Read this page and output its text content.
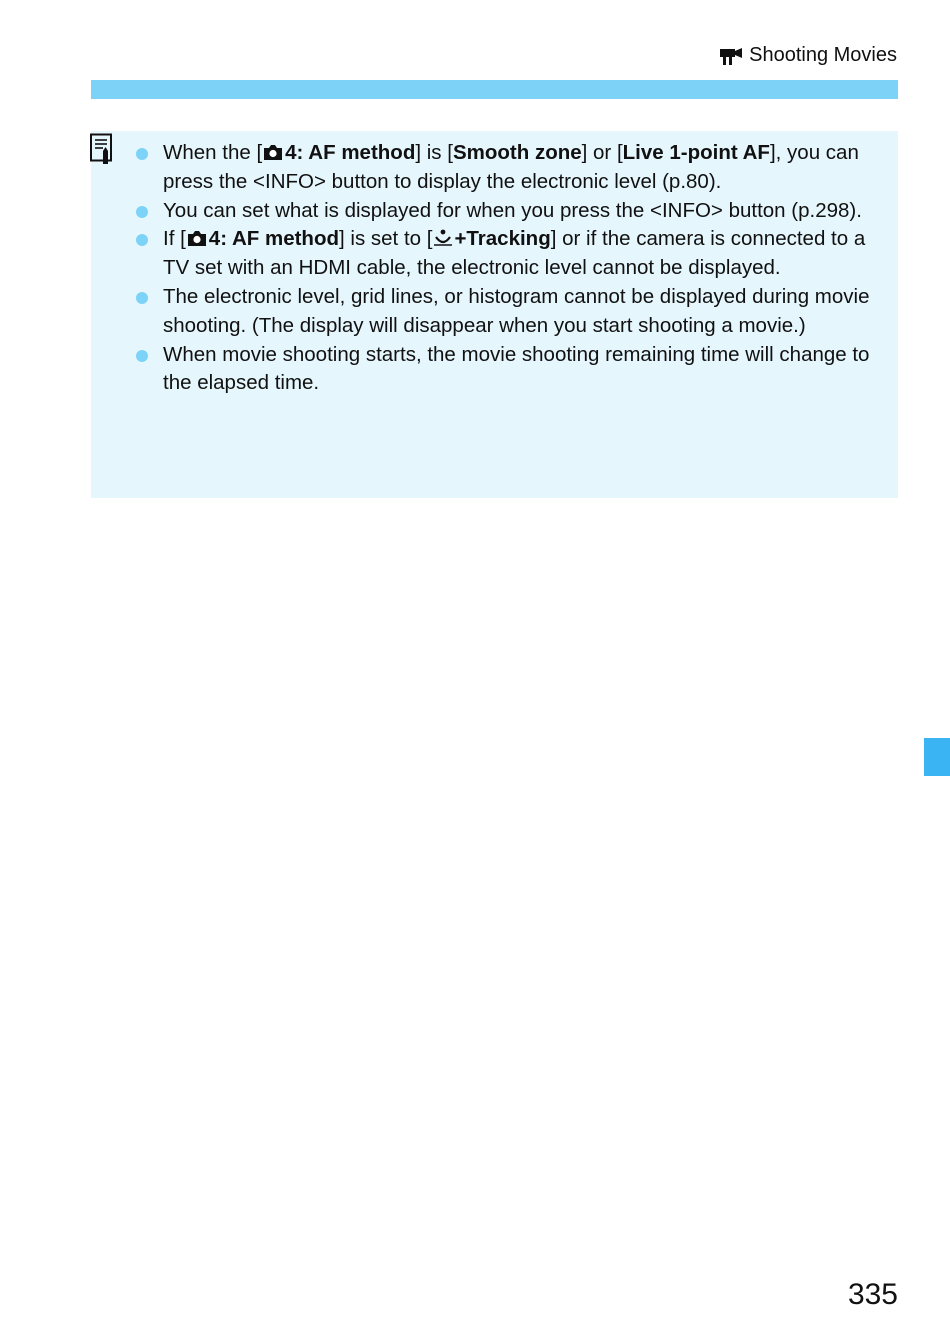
Shooting Movies
When the [ 4: AF method] is [Smooth zone] or [Live 1-point AF], you can press the <INFO> button to display the electronic level (p.80).
You can set what is displayed for when you press the <INFO> button (p.298).
If [ 4: AF method] is set to [ +Tracking] or if the camera is connected to a TV set with an HDMI cable, the electronic level cannot be displayed.
The electronic level, grid lines, or histogram cannot be displayed during movie shooting. (The display will disappear when you start shooting a movie.)
When movie shooting starts, the movie shooting remaining time will change to the elapsed time.
335
